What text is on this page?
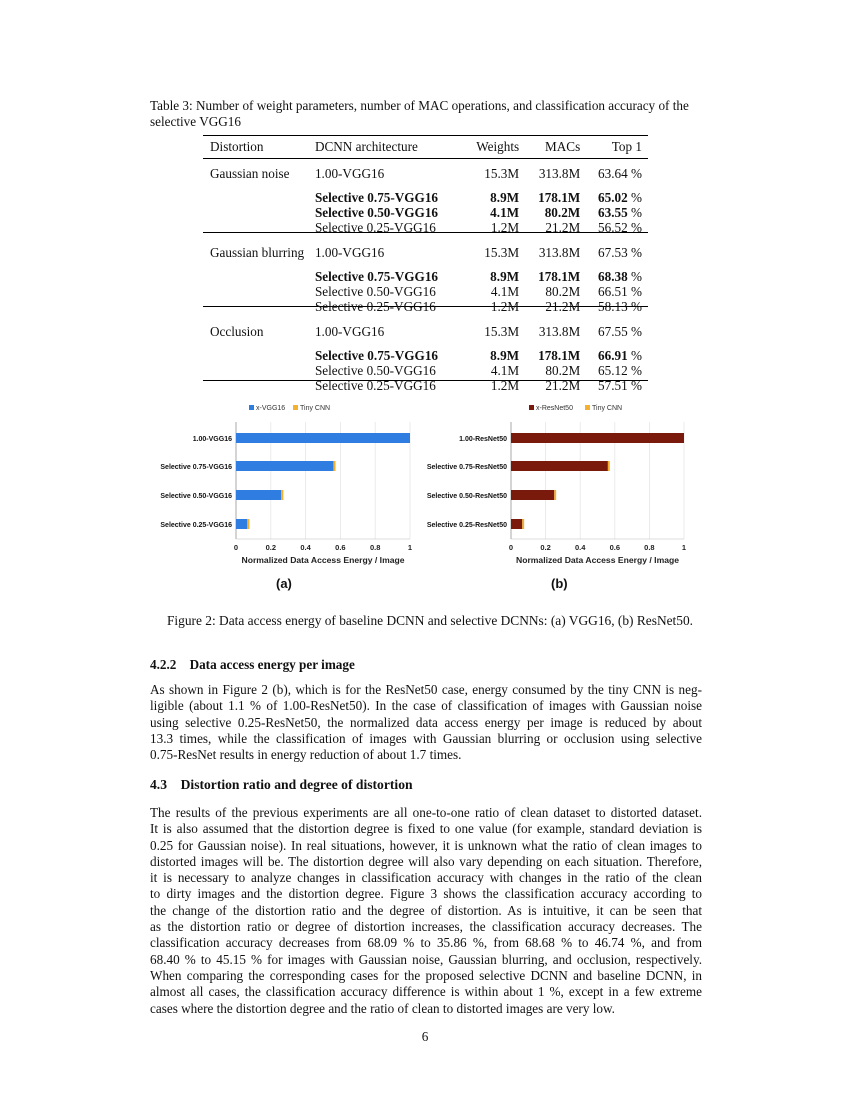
Table 3: Number of weight parameters, number of MAC operations, and classification accuracy of the selective VGG16
Distortion	DCNN architecture	Weights	MACs	Top 1
Gaussian noise	1.00-VGG16	15.3M	313.8M	63.64 %
	Selective 0.75-VGG16	8.9M	178.1M	65.02 %
	Selective 0.50-VGG16	4.1M	80.2M	63.55 %
	Selective 0.25-VGG16	1.2M	21.2M	56.52 %
Gaussian blurring	1.00-VGG16	15.3M	313.8M	67.53 %
	Selective 0.75-VGG16	8.9M	178.1M	68.38 %
	Selective 0.50-VGG16	4.1M	80.2M	66.51 %
	Selective 0.25-VGG16	1.2M	21.2M	58.13 %
Occlusion	1.00-VGG16	15.3M	313.8M	67.55 %
	Selective 0.75-VGG16	8.9M	178.1M	66.91 %
	Selective 0.50-VGG16	4.1M	80.2M	65.12 %
	Selective 0.25-VGG16	1.2M	21.2M	57.51 %
0	0.2	0.4	0.6	0.8	1
1.00-VGG16
Selective 0.75-VGG16
Selective 0.50-VGG16
Selective 0.25-VGG16
Normalized Data Access Energy / Image
x-VGG16 Tiny CNN
0	0.2	0.4	0.6	0.8	1
1.00-ResNet50
Selective 0.75-ResNet50
Selective 0.50-ResNet50
Selective 0.25-ResNet50
Normalized Data Access Energy / Image
x-ResNet50	Tiny CNN
(a)	(b)
Figure 2: Data access energy of baseline DCNN and selective DCNNs: (a) VGG16, (b) ResNet50.
4.2.2 Data access energy per image
As shown in Figure 2 (b), which is for the ResNet50 case, energy consumed by the tiny CNN is neg-
ligible (about 1.1 % of 1.00-ResNet50). In the case of classification of images with Gaussian noise
using selective 0.25-ResNet50, the normalized data access energy per image is reduced by about
13.3 times, while the classification of images with Gaussian blurring or occlusion using selective
0.75-ResNet results in energy reduction of about 1.7 times.
4.3 Distortion ratio and degree of distortion
The results of the previous experiments are all one-to-one ratio of clean dataset to distorted dataset.
It is also assumed that the distortion degree is fixed to one value (for example, standard deviation is
0.25 for Gaussian noise). In real situations, however, it is unknown what the ratio of clean images to
distorted images will be. The distortion degree will also vary depending on each situation. Therefore,
it is necessary to analyze changes in classification accuracy with changes in the ratio of the clean
to dirty images and the distortion degree. Figure 3 shows the classification accuracy according to
the change of the distortion ratio and the degree of distortion. As is intuitive, it can be seen that
as the distortion ratio or degree of distortion increases, the classification accuracy decreases. The
classification accuracy decreases from 68.09 % to 35.86 %, from 68.68 % to 46.74 %, and from
68.40 % to 45.15 % for images with Gaussian noise, Gaussian blurring, and occlusion, respectively.
When comparing the corresponding cases for the proposed selective DCNN and baseline DCNN, in
almost all cases, the classification accuracy difference is within about 1 %, except in a few extreme
cases where the distortion degree and the ratio of clean to distorted images are very low.
6
